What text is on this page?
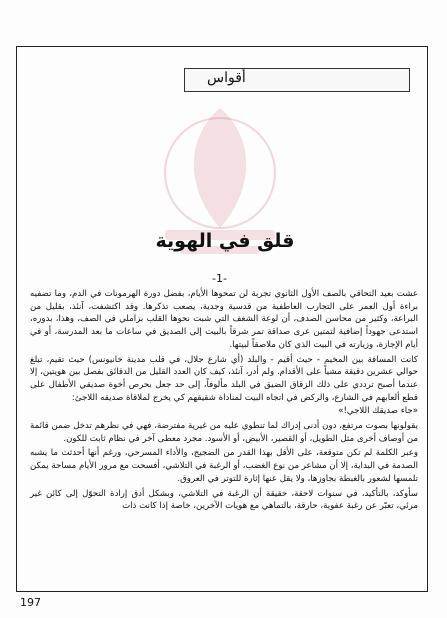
أقواس
قلق في الهوية
-1-

عشت بعيد التحاقي بالصف الأول الثانوي تجربة لن تمحوها الأيام، بفضل دورة الهرمونات في الدم، وما تضفيه براءة أول العمر على التجارب العاطفية من قدسية وجدية، يصعب تذكرها. وقد اكتشفت، آنئذ، بقليل من البراعة، وكثير من محاسن الصدف، أن لوعة الشغف التي شبت نحوها القلب بزاملي في الصف، وهذا، بدوره، استدعى جهوداً إضافية لتمتين عرى صداقة تمر شرقاً بالبيت إلى الصديق في ساعات ما بعد المدرسة، أو في أيام الإجازة، وزيارته في البيت الذي كان ملاصقاً لبيتها.

كانت المسافة بين المخيم - حيث أقيم - والبلد (أي شارع جلال، في قلب مدينة خانيونس) حيث تقيم، تبلغ حوالي عشرين دقيقة مشياً على الأقدام. ولم أدر، آنئذ، كيف كان العدد القليل من الدقائق بفصل بين هويتين، إلا عندما أصبح ترددي على ذلك الزقاق الضيق في البلد مألوفاً، إلى حد جعل بحرص أخوة صديقي الأطفال على قطع ألعابهم في الشارع، والركض في اتجاه البيت لمناداة شقيقهم كي يخرج لملاقاة صديقه اللاجئ:

«جاء صديقك اللاجي!»

يقولونها بصوت مرتفع، دون أدنى إدراك لما تنطوي عليه من غيرية مفترضة، فهي في نظرهم تدخل ضمن قائمة من أوصاف أخرى مثل الطويل، أو القصير، الأبيض، أو الأسود. مجرد معطى آخر في نظام ثابت للكون.

وعبر الكلمة لم تكن متوقعة، على الأقل بهذا القدر من الضجيج، والأداء المسرحي، ورغم أنها أحدثت ما يشبه الصدمة في البداية، إلا أن مشاعر من نوع الغضب، أو الرغبة في التلاشي، أفسحت مع مرور الأيام مساحة يمكن تلمسها لشعور بالغبطة بجاوزها، ولا يقل عنها إثارة للتوتر في العروق.

سأوكد، بالتأكيد، في سنوات لاحقة، حقيقة أن الرغبة في التلاشي، وبشكل أدق إرادة التحوّل إلى كائن غير مرئي، تعبّر عن رغبة عفوية، حارقة، بالتماهي مع هويات الآخرين، خاصة إذا كانت ذات

197
